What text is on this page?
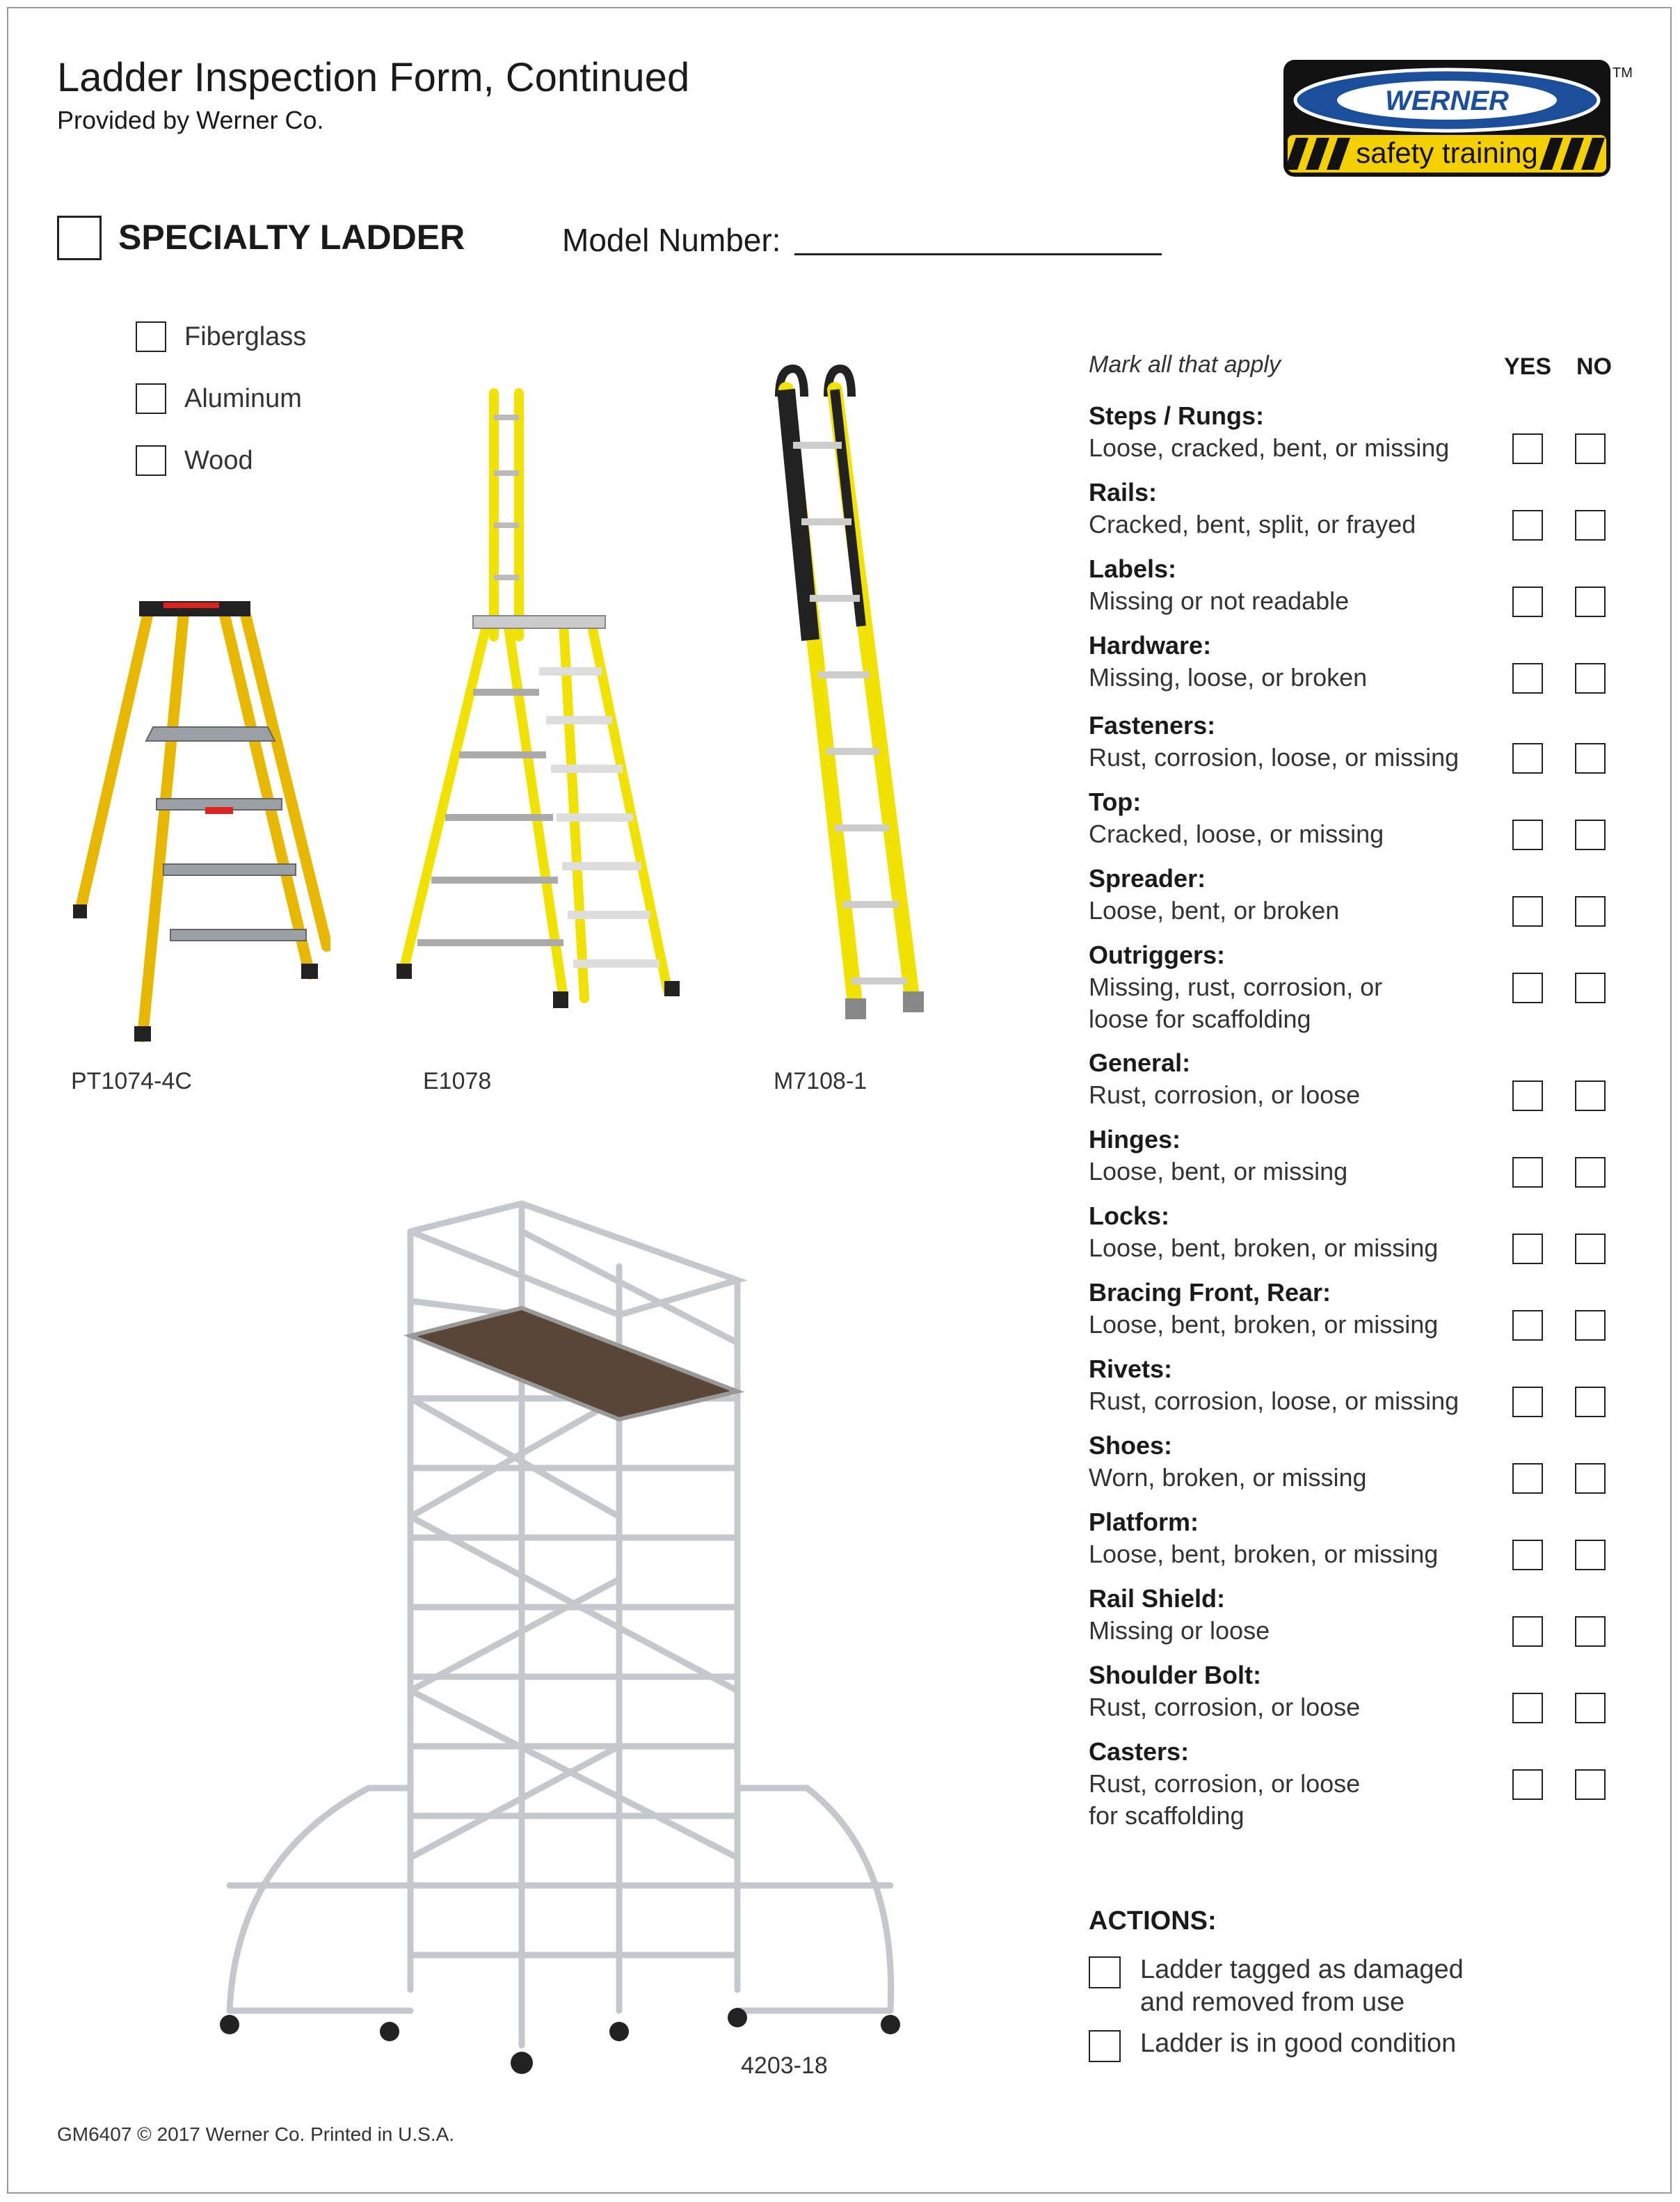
Ladder Inspection Form, Continued
Provided by Werner Co.
WERNER
safety training
TM
SPECIALTY LADDER	Model Number:
Fiberglass
Aluminum
Wood
PT1074-4C	E1078	M7108-1
4203-18
Mark all that apply	YES NO
Steps / Rungs:
Loose, cracked, bent, or missing
Rails:
Cracked, bent, split, or frayed
Labels:
Missing or not readable
Hardware:
Missing, loose, or broken
Fasteners:
Rust, corrosion, loose, or missing
Top:
Cracked, loose, or missing
Spreader:
Loose, bent, or broken
Outriggers:
Missing, rust, corrosion, or
loose for scaffolding
General:
Rust, corrosion, or loose
Hinges:
Loose, bent, or missing
Locks:
Loose, bent, broken, or missing
Bracing Front, Rear:
Loose, bent, broken, or missing
Rivets:
Rust, corrosion, loose, or missing
Shoes:
Worn, broken, or missing
Platform:
Loose, bent, broken, or missing
Rail Shield:
Missing or loose
Shoulder Bolt:
Rust, corrosion, or loose
Casters:
Rust, corrosion, or loose
for scaffolding
ACTIONS:
Ladder tagged as damaged and removed from use
Ladder is in good condition
GM6407 © 2017 Werner Co. Printed in U.S.A.
